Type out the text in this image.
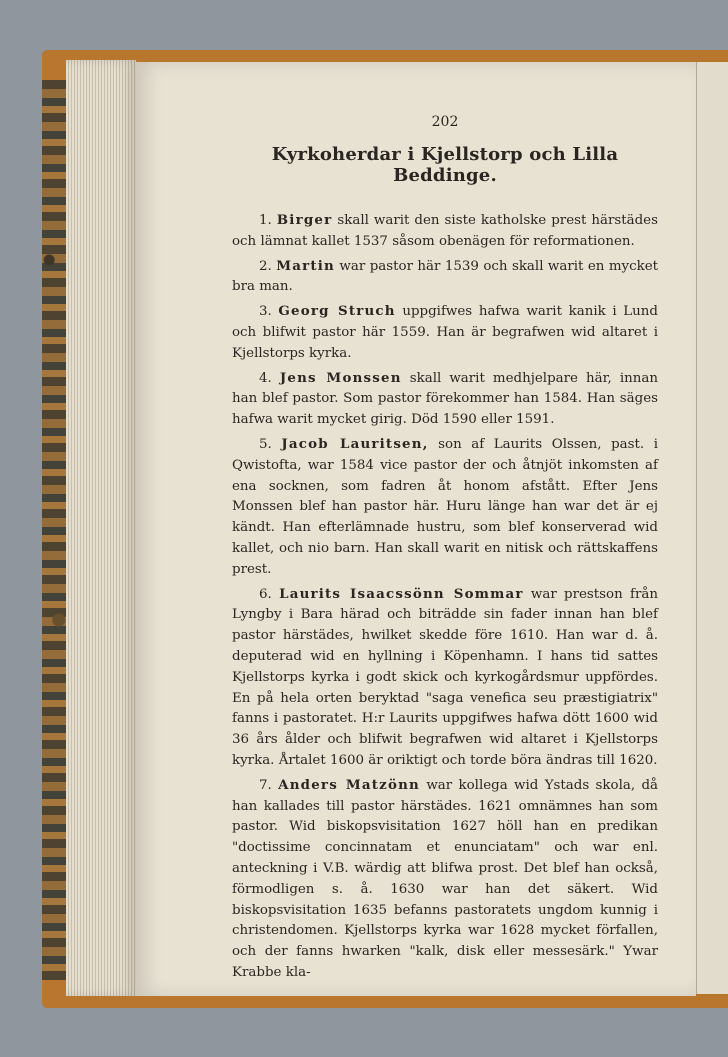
202
Kyrkoherdar i Kjellstorp och Lilla Beddinge.

1. Birger skall warit den siste katholske prest härstädes och lämnat kallet 1537 såsom obenägen för reformationen.

2. Martin war pastor här 1539 och skall warit en mycket bra man.

3. Georg Struch uppgifwes hafwa warit kanik i Lund och blifwit pastor här 1559. Han är begrafwen wid altaret i Kjellstorps kyrka.

4. Jens Monssen skall warit medhjelpare här, innan han blef pastor. Som pastor förekommer han 1584. Han säges hafwa warit mycket girig. Död 1590 eller 1591.

5. Jacob Lauritsen, son af Laurits Olssen, past. i Qwistofta, war 1584 vice pastor der och åtnjöt inkomsten af ena socknen, som fadren åt honom afstått. Efter Jens Monssen blef han pastor här. Huru länge han war det är ej kändt. Han efterlämnade hustru, som blef konserverad wid kallet, och nio barn. Han skall warit en nitisk och rättskaffens prest.

6. Laurits Isaacssönn Sommar war prestson från Lyngby i Bara härad och biträdde sin fader innan han blef pastor härstädes, hwilket skedde före 1610. Han war d. å. deputerad wid en hyllning i Köpenhamn. I hans tid sattes Kjellstorps kyrka i godt skick och kyrkogårdsmur uppfördes. En på hela orten beryktad "saga venefica seu præstigiatrix" fanns i pastoratet. H:r Laurits uppgifwes hafwa dött 1600 wid 36 års ålder och blifwit begrafwen wid altaret i Kjellstorps kyrka. Årtalet 1600 är oriktigt och torde böra ändras till 1620.

7. Anders Matzönn war kollega wid Ystads skola, då han kallades till pastor härstädes. 1621 omnämnes han som pastor. Wid biskopsvisitation 1627 höll han en predikan "doctissime concinnatam et enunciatam" och war enl. anteckning i V.B. wärdig att blifwa prost. Det blef han också, förmodligen s. å. 1630 war han det säkert. Wid biskopsvisitation 1635 befanns pastoratets ungdom kunnig i christendomen. Kjellstorps kyrka war 1628 mycket förfallen, och der fanns hwarken "kalk, disk eller messesärk." Ywar Krabbe kla-
